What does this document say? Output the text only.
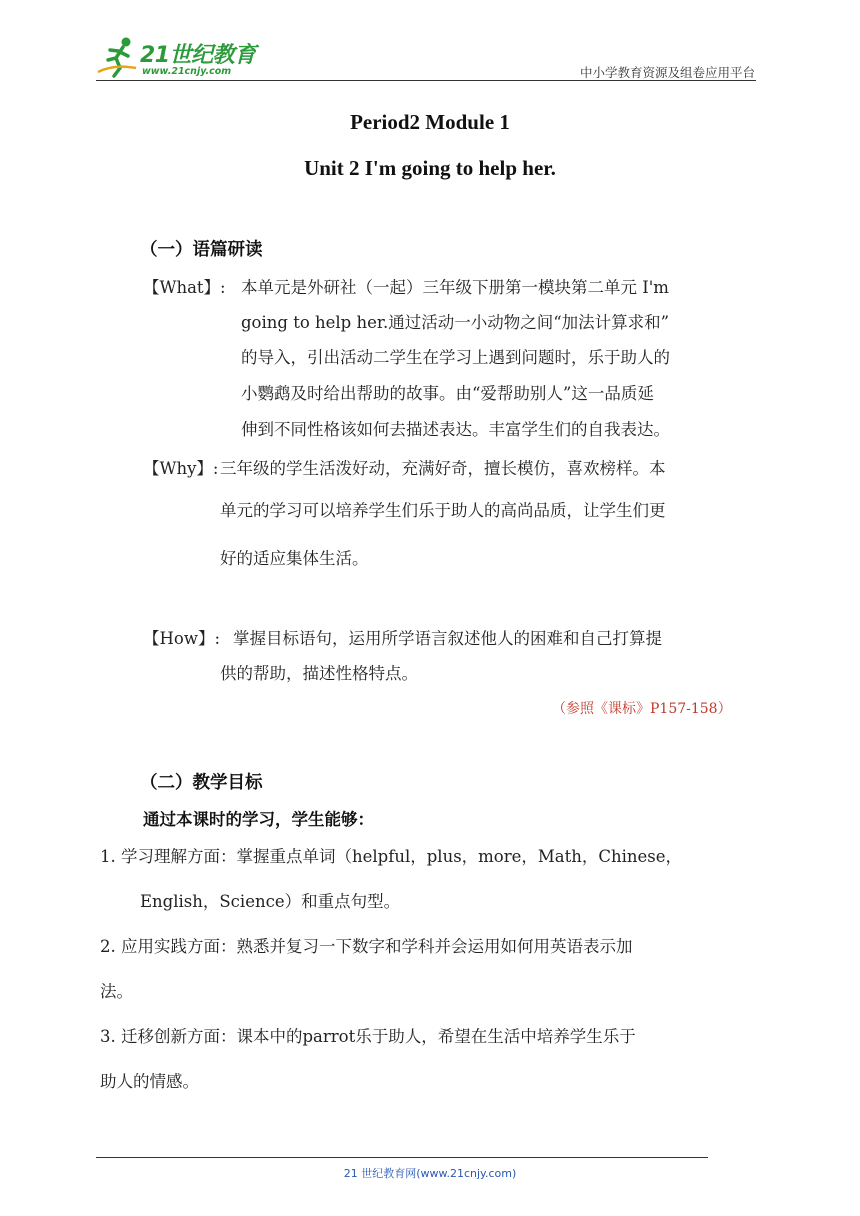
21世纪教育
www.21cnjy.com	中小学教育资源及组卷应用平台
Period2 Module 1
Unit 2 I'm going to help her.
（一）语篇研读
【What】: 本单元是外研社（一起）三年级下册第一模块第二单元 I'm
going to help her.通过活动一小动物之间“加法计算求和”
的导入，引出活动二学生在学习上遇到问题时，乐于助人的
小鹦鹉及时给出帮助的故事。由“爱帮助别人”这一品质延
伸到不同性格该如何去描述表达。丰富学生们的自我表达。
【Why】: 三年级的学生活泼好动，充满好奇，擅长模仿，喜欢榜样。本
单元的学习可以培养学生们乐于助人的高尚品质，让学生们更
好的适应集体生活。
【How】: 掌握目标语句，运用所学语言叙述他人的困难和自己打算提
供的帮助，描述性格特点。
（参照《课标》P157-158）
（二）教学目标
通过本课时的学习，学生能够：
1. 学习理解方面：掌握重点单词（helpful，plus，more，Math，Chinese，
English，Science）和重点句型。
2. 应用实践方面：熟悉并复习一下数字和学科并会运用如何用英语表示加
法。
3. 迁移创新方面：课本中的parrot乐于助人，希望在生活中培养学生乐于
助人的情感。
21 世纪教育网(www.21cnjy.com)
